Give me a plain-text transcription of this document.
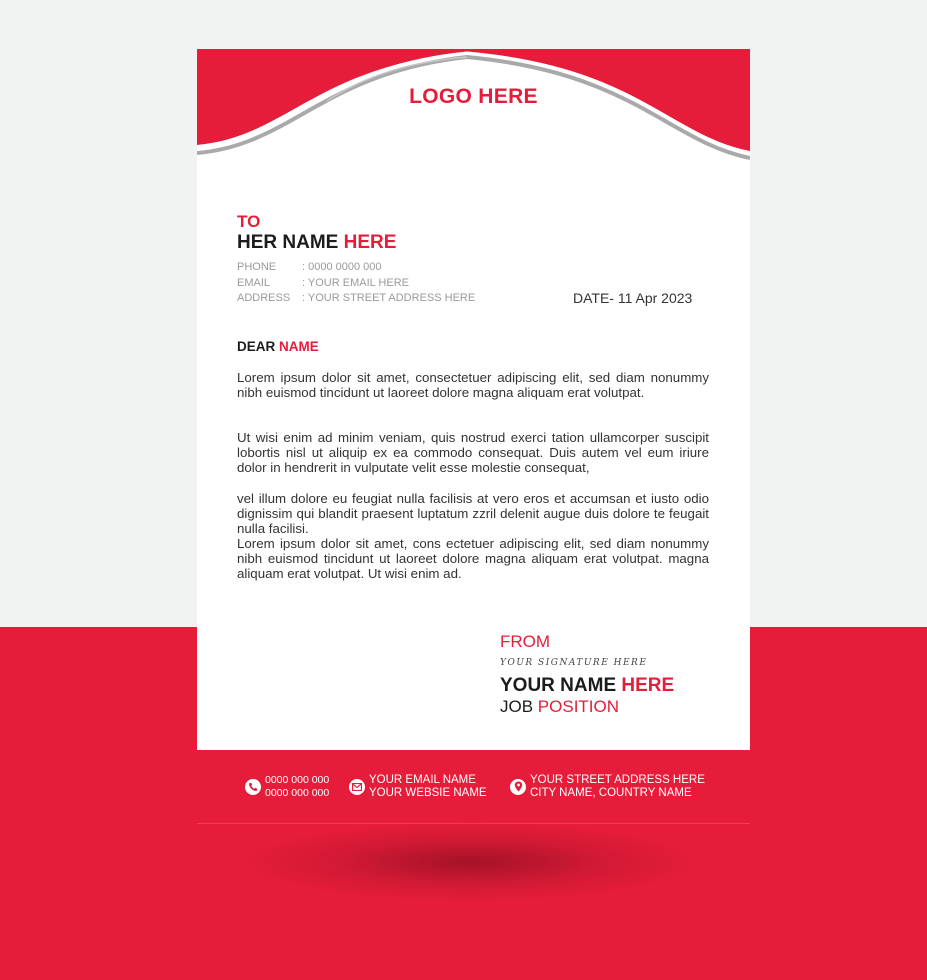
LOGO HERE
TO
HER NAME HERE
PHONE	: 0000 0000 000
EMAIL	: YOUR EMAIL HERE
ADDRESS	: YOUR STREET ADDRESS HERE	DATE- 11 Apr 2023
DEAR NAME

Lorem ipsum dolor sit amet, consectetuer adipiscing elit, sed diam nonummy nibh euismod tincidunt ut laoreet dolore magna aliquam erat volutpat.

Ut wisi enim ad minim veniam, quis nostrud exerci tation ullamcorper suscipit lobortis nisl ut aliquip ex ea commodo consequat. Duis autem vel eum iriure dolor in hendrerit in vulputate velit esse molestie consequat,

vel illum dolore eu feugiat nulla facilisis at vero eros et accumsan et iusto odio dignissim qui blandit praesent luptatum zzril delenit augue duis dolore te feugait nulla facilisi.

Lorem ipsum dolor sit amet, cons ectetuer adipiscing elit, sed diam nonummy nibh euismod tincidunt ut laoreet dolore magna aliquam erat volutpat. magna aliquam erat volutpat. Ut wisi enim ad.

FROM
YOUR SIGNATURE HERE
YOUR NAME HERE
JOB POSITION
0000 000 000
0000 000 000
YOUR EMAIL NAME
YOUR WEBSIE NAME
YOUR STREET ADDRESS HERE
CITY NAME, COUNTRY NAME
